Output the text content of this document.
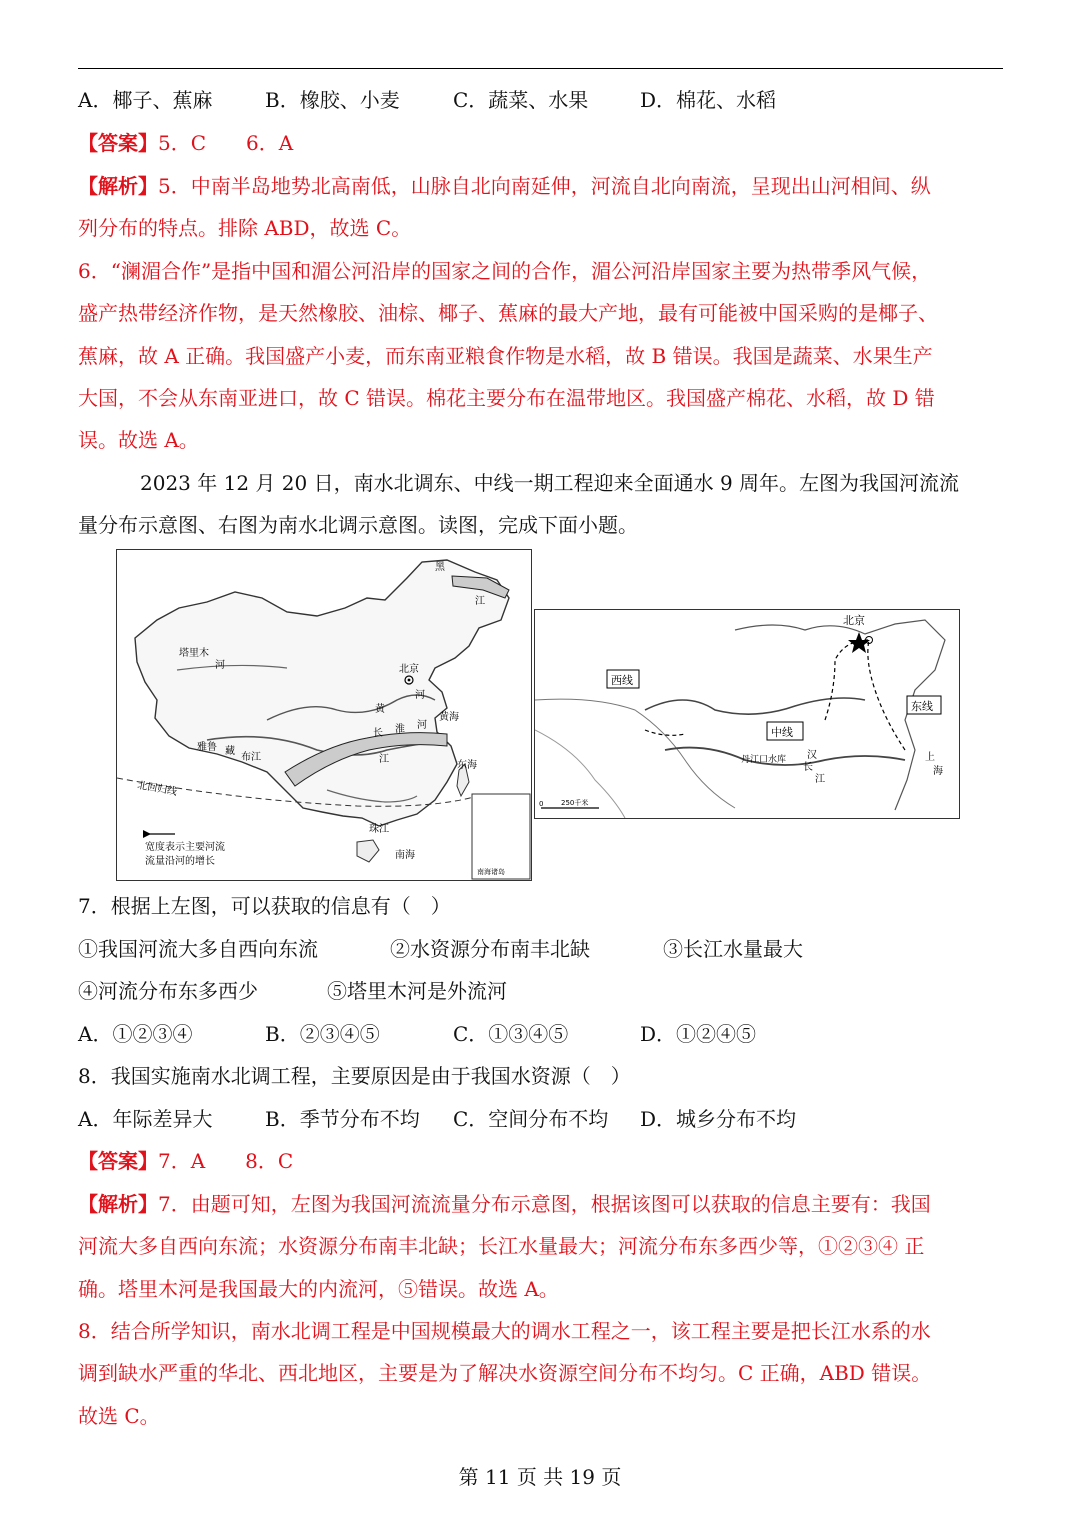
A．椰子、蕉麻	B．橡胶、小麦	C．蔬菜、水果	D．棉花、水稻
【答案】5．C　　6．A
【解析】5．中南半岛地势北高南低，山脉自北向南延伸，河流自北向南流，呈现出山河相间、纵
列分布的特点。排除 ABD，故选 C。
6．“澜湄合作”是指中国和湄公河沿岸的国家之间的合作，湄公河沿岸国家主要为热带季风气候，
盛产热带经济作物，是天然橡胶、油棕、椰子、蕉麻的最大产地，最有可能被中国采购的是椰子、
蕉麻，故 A 正确。我国盛产小麦，而东南亚粮食作物是水稻，故 B 错误。我国是蔬菜、水果生产
大国，不会从东南亚进口，故 C 错误。棉花主要分布在温带地区。我国盛产棉花、水稻，故 D 错
误。故选 A。
2023 年 12 月 20 日，南水北调东、中线一期工程迎来全面通水 9 周年。左图为我国河流流
量分布示意图、右图为南水北调示意图。读图，完成下面小题。
黑
江
塔里木
河	北京
黄
河
淮 河
黄海
雅鲁 藏
布江
长
江
东海
北回归线
珠江
南海
南海诸岛
宽度表示主要河流
流量沿河的增长
北京
西线
中线
东线
丹江口水库 汉
江
长
上
海
0	250千米
7．根据上左图，可以获取的信息有（　）
①我国河流大多自西向东流	②水资源分布南丰北缺	③长江水量最大
④河流分布东多西少	⑤塔里木河是外流河
A．①②③④	B．②③④⑤	C．①③④⑤	D．①②④⑤
8．我国实施南水北调工程，主要原因是由于我国水资源（　）
A．年际差异大	B．季节分布不均 C．空间分布不均 D．城乡分布不均
【答案】7．A　　8．C
【解析】7．由题可知，左图为我国河流流量分布示意图，根据该图可以获取的信息主要有：我国
河流大多自西向东流；水资源分布南丰北缺；长江水量最大；河流分布东多西少等，①②③④ 正
确。塔里木河是我国最大的内流河，⑤错误。故选 A。
8．结合所学知识，南水北调工程是中国规模最大的调水工程之一，该工程主要是把长江水系的水
调到缺水严重的华北、西北地区，主要是为了解决水资源空间分布不均匀。C 正确，ABD 错误。
故选 C。
第 11 页 共 19 页
